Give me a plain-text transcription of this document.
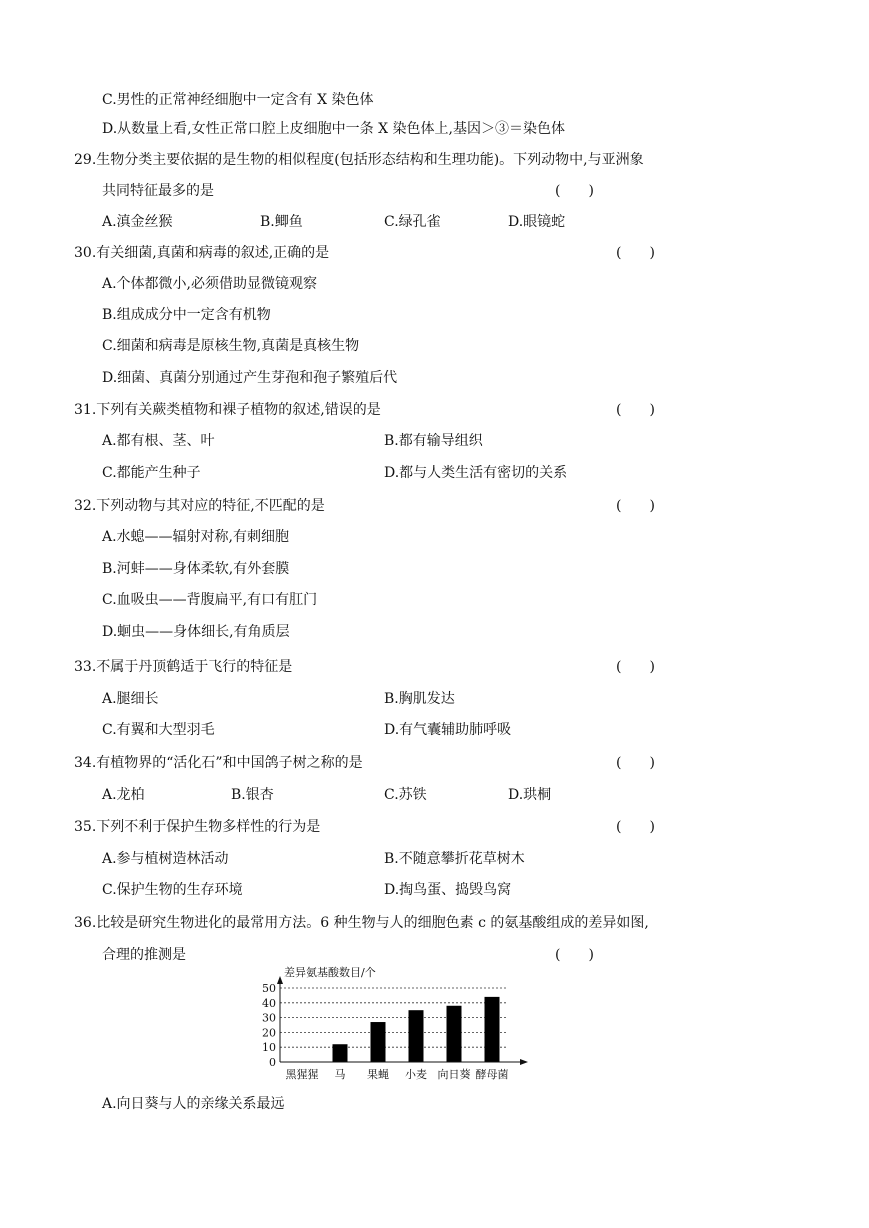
C.男性的正常神经细胞中一定含有 X 染色体
D.从数量上看,女性正常口腔上皮细胞中一条 X 染色体上,基因＞③＝染色体
29.生物分类主要依据的是生物的相似程度(包括形态结构和生理功能)。下列动物中,与亚洲象
共同特征最多的是	(　　)
A.滇金丝猴	B.鲫鱼	C.绿孔雀	D.眼镜蛇
30.有关细菌,真菌和病毒的叙述,正确的是	(　　)
A.个体都微小,必须借助显微镜观察
B.组成成分中一定含有机物
C.细菌和病毒是原核生物,真菌是真核生物
D.细菌、真菌分别通过产生芽孢和孢子繁殖后代
31.下列有关蕨类植物和裸子植物的叙述,错误的是	(　　)
A.都有根、茎、叶	B.都有输导组织
C.都能产生种子	D.都与人类生活有密切的关系
32.下列动物与其对应的特征,不匹配的是	(　　)
A.水螅——辐射对称,有刺细胞
B.河蚌——身体柔软,有外套膜
C.血吸虫——背腹扁平,有口有肛门
D.蛔虫——身体细长,有角质层
33.不属于丹顶鹤适于飞行的特征是	(　　)
A.腿细长	B.胸肌发达
C.有翼和大型羽毛	D.有气囊辅助肺呼吸
34.有植物界的“活化石”和中国鸽子树之称的是	(　　)
A.龙柏	B.银杏	C.苏铁	D.珙桐
35.下列不利于保护生物多样性的行为是	(　　)
A.参与植树造林活动	B.不随意攀折花草树木
C.保护生物的生存环境	D.掏鸟蛋、捣毁鸟窝
36.比较是研究生物进化的最常用方法。6 种生物与人的细胞色素 c 的氨基酸组成的差异如图,
合理的推测是	(　　)
0
10
20
30
40
50
黑猩猩 马 果蝇 小麦 向日葵 酵母菌
差异氨基酸数目/个
A.向日葵与人的亲缘关系最远
